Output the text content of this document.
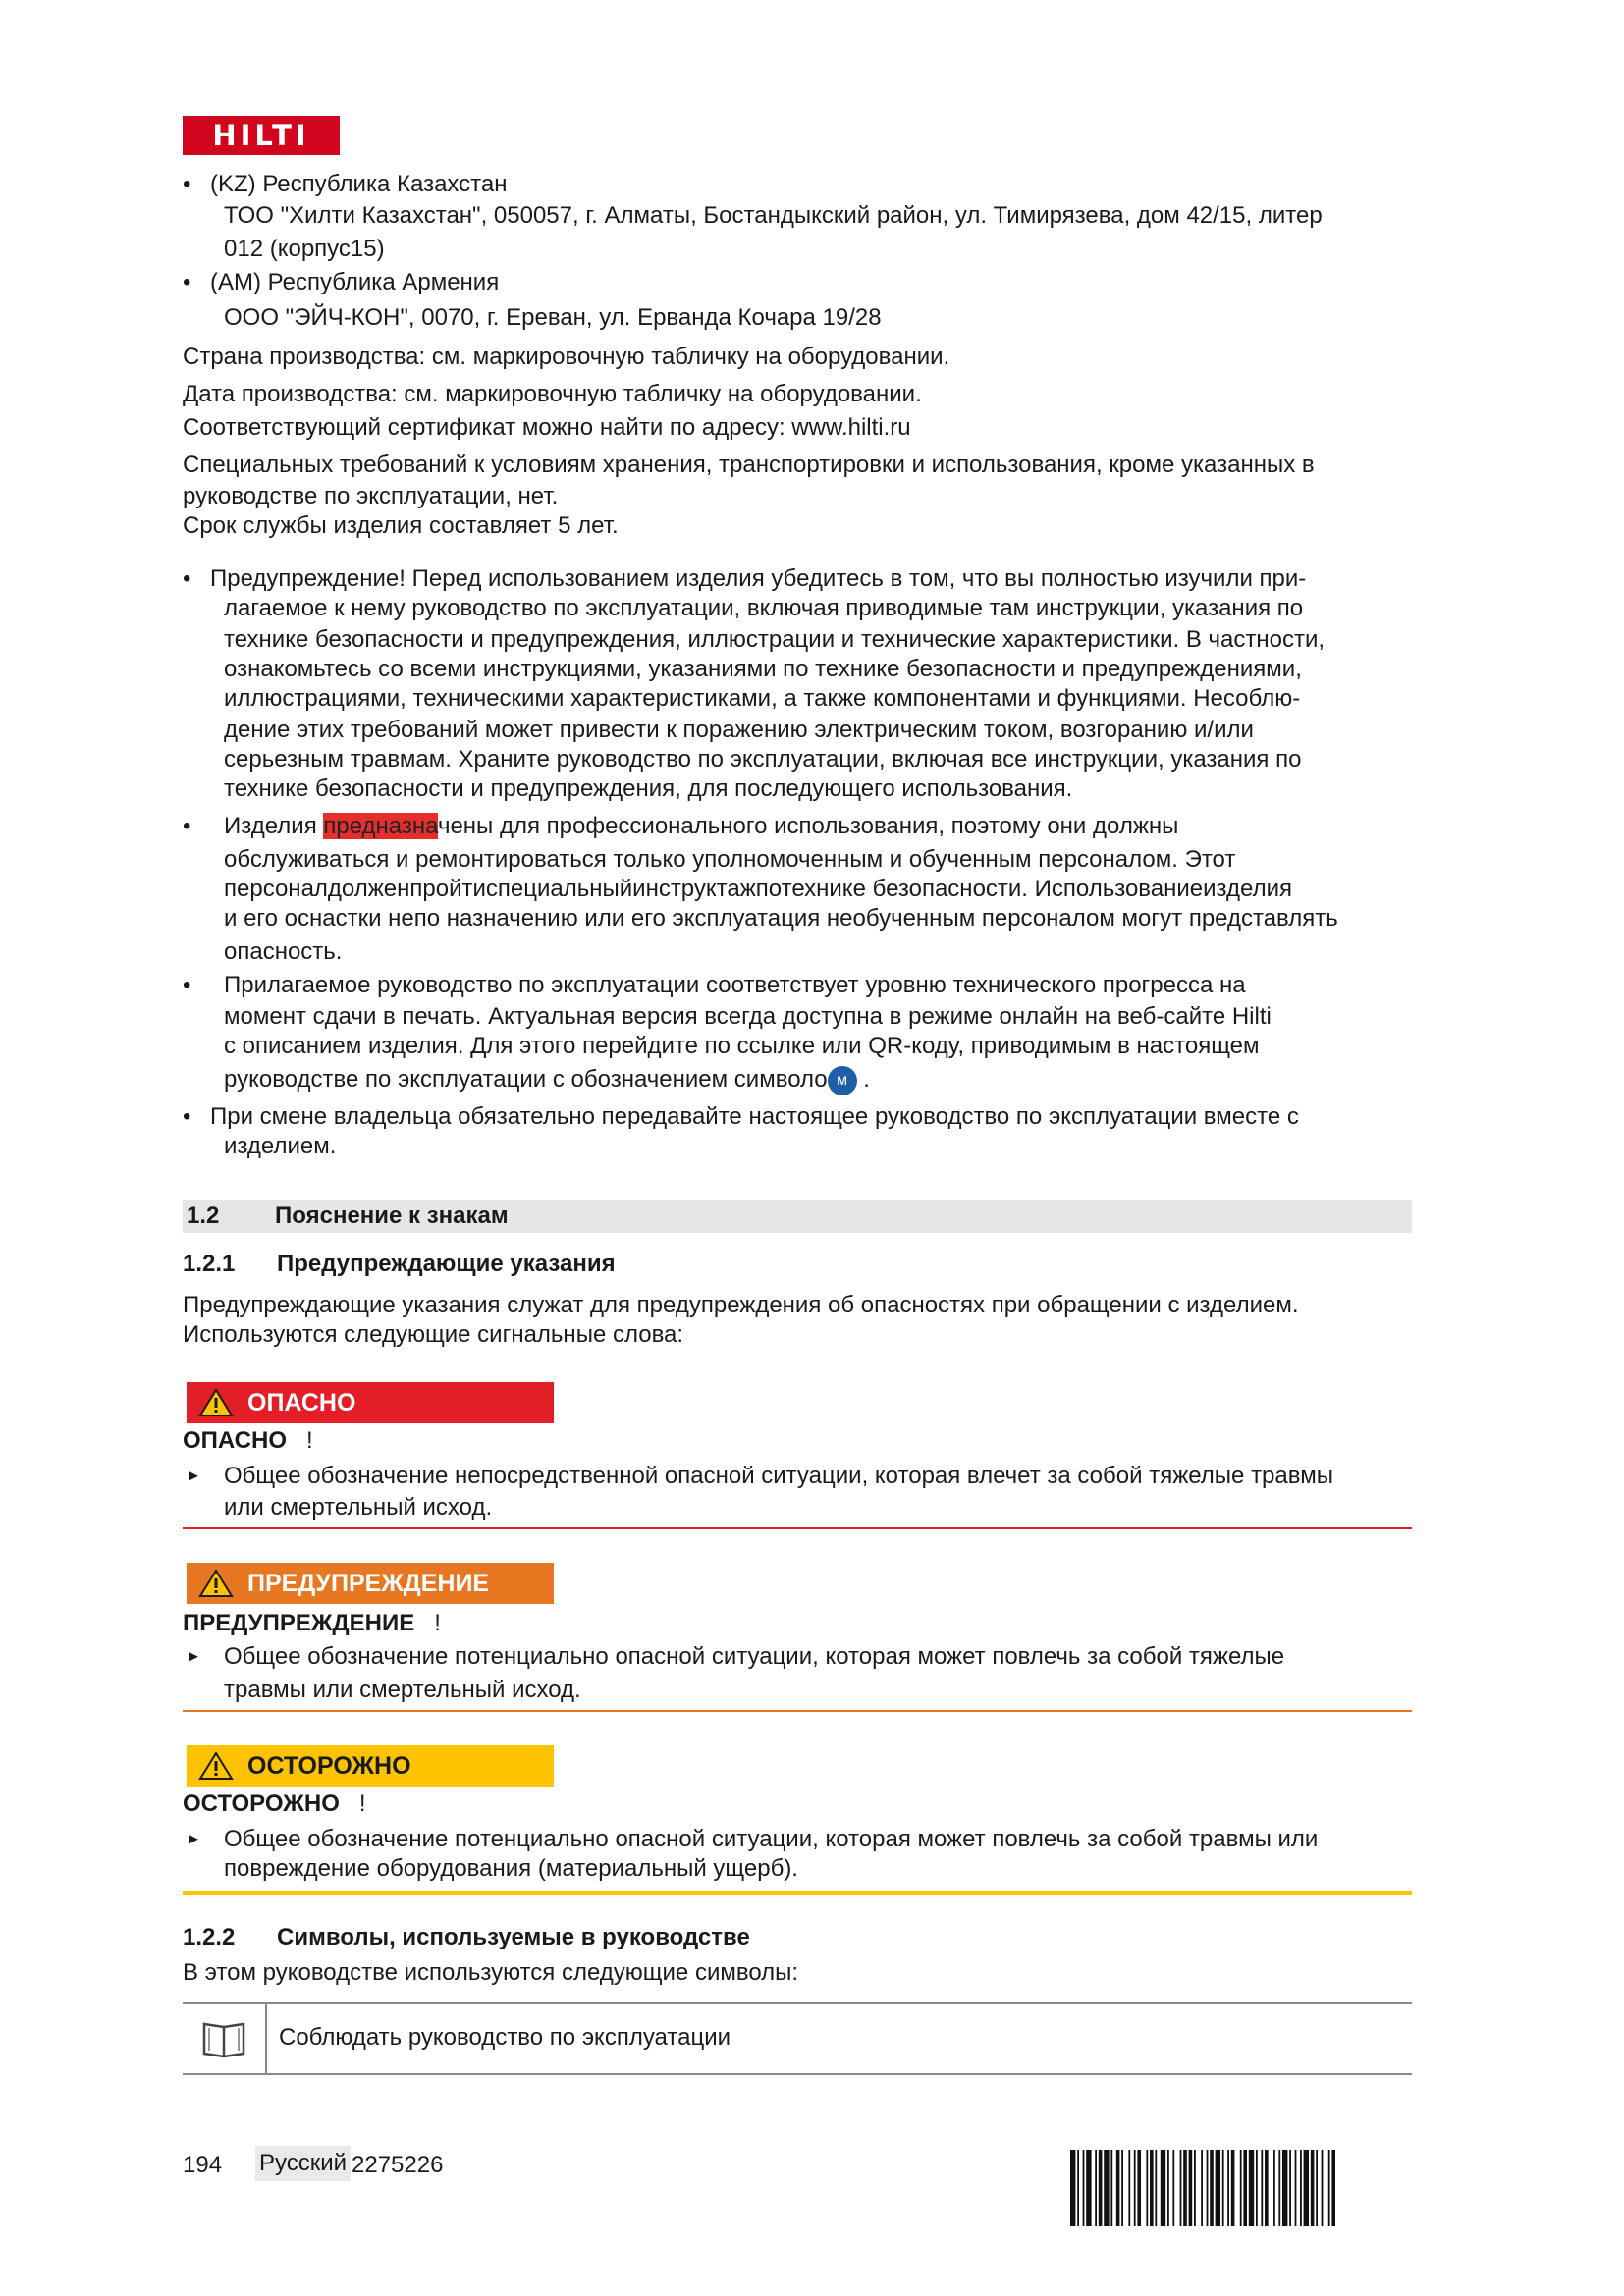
HILTI
• (KZ) Республика Казахстан
ТОО "Хилти Казахстан", 050057, г. Алматы, Бостандыкский район, ул. Тимирязева, дом 42/15, литер
012 (корпус15)
• (AM) Республика Армения
ООО "ЭЙЧ-КОН", 0070, г. Ереван, ул. Ерванда Кочара 19/28
Страна производства: см. маркировочную табличку на оборудовании.
Дата производства: см. маркировочную табличку на оборудовании.
Соответствующий сертификат можно найти по адресу: www.hilti.ru
Специальных требований к условиям хранения, транспортировки и использования, кроме указанных в
руководстве по эксплуатации, нет.
Срок службы изделия составляет 5 лет.
• Предупреждение! Перед использованием изделия убедитесь в том, что вы полностью изучили при-
лагаемое к нему руководство по эксплуатации, включая приводимые там инструкции, указания по
технике безопасности и предупреждения, иллюстрации и технические характеристики. В частности,
ознакомьтесь со всеми инструкциями, указаниями по технике безопасности и предупреждениями,
иллюстрациями, техническими характеристиками, а также компонентами и функциями. Несоблю-
дение этих требований может привести к поражению электрическим током, возгоранию и/или
серьезным травмам. Храните руководство по эксплуатации, включая все инструкции, указания по
технике безопасности и предупреждения, для последующего использования.
• Изделия предназначены для профессионального использования, поэтому они должны
обслуживаться и ремонтироваться только уполномоченным и обученным персоналом. Этот
персоналдолженпройтиспециальныйинструктажпотехнике безопасности. Использованиеизделия
и его оснастки непо назначению или его эксплуатация необученным персоналом могут представлять
опасность.
• Прилагаемое руководство по эксплуатации соответствует уровню технического прогресса на
момент сдачи в печать. Актуальная версия всегда доступна в режиме онлайн на веб-сайте Hilti
с описанием изделия. Для этого перейдите по ссылке или QR-коду, приводимым в настоящем
руководстве по эксплуатации с обозначением символо м .
• При смене владельца обязательно передавайте настоящее руководство по эксплуатации вместе с
изделием.
1.2 Пояснение к знакам
1.2.1 Предупреждающие указания
Предупреждающие указания служат для предупреждения об опасностях при обращении с изделием.
Используются следующие сигнальные слова:
ОПАСНО
ОПАСНО !
► Общее обозначение непосредственной опасной ситуации, которая влечет за собой тяжелые травмы
или смертельный исход.
ПРЕДУПРЕЖДЕНИЕ
ПРЕДУПРЕЖДЕНИЕ !
► Общее обозначение потенциально опасной ситуации, которая может повлечь за собой тяжелые
травмы или смертельный исход.
ОСТОРОЖНО
ОСТОРОЖНО !
► Общее обозначение потенциально опасной ситуации, которая может повлечь за собой травмы или
повреждение оборудования (материальный ущерб).
1.2.2 Символы, используемые в руководстве
В этом руководстве используются следующие символы:
Соблюдать руководство по эксплуатации
194 Русский 2275226
